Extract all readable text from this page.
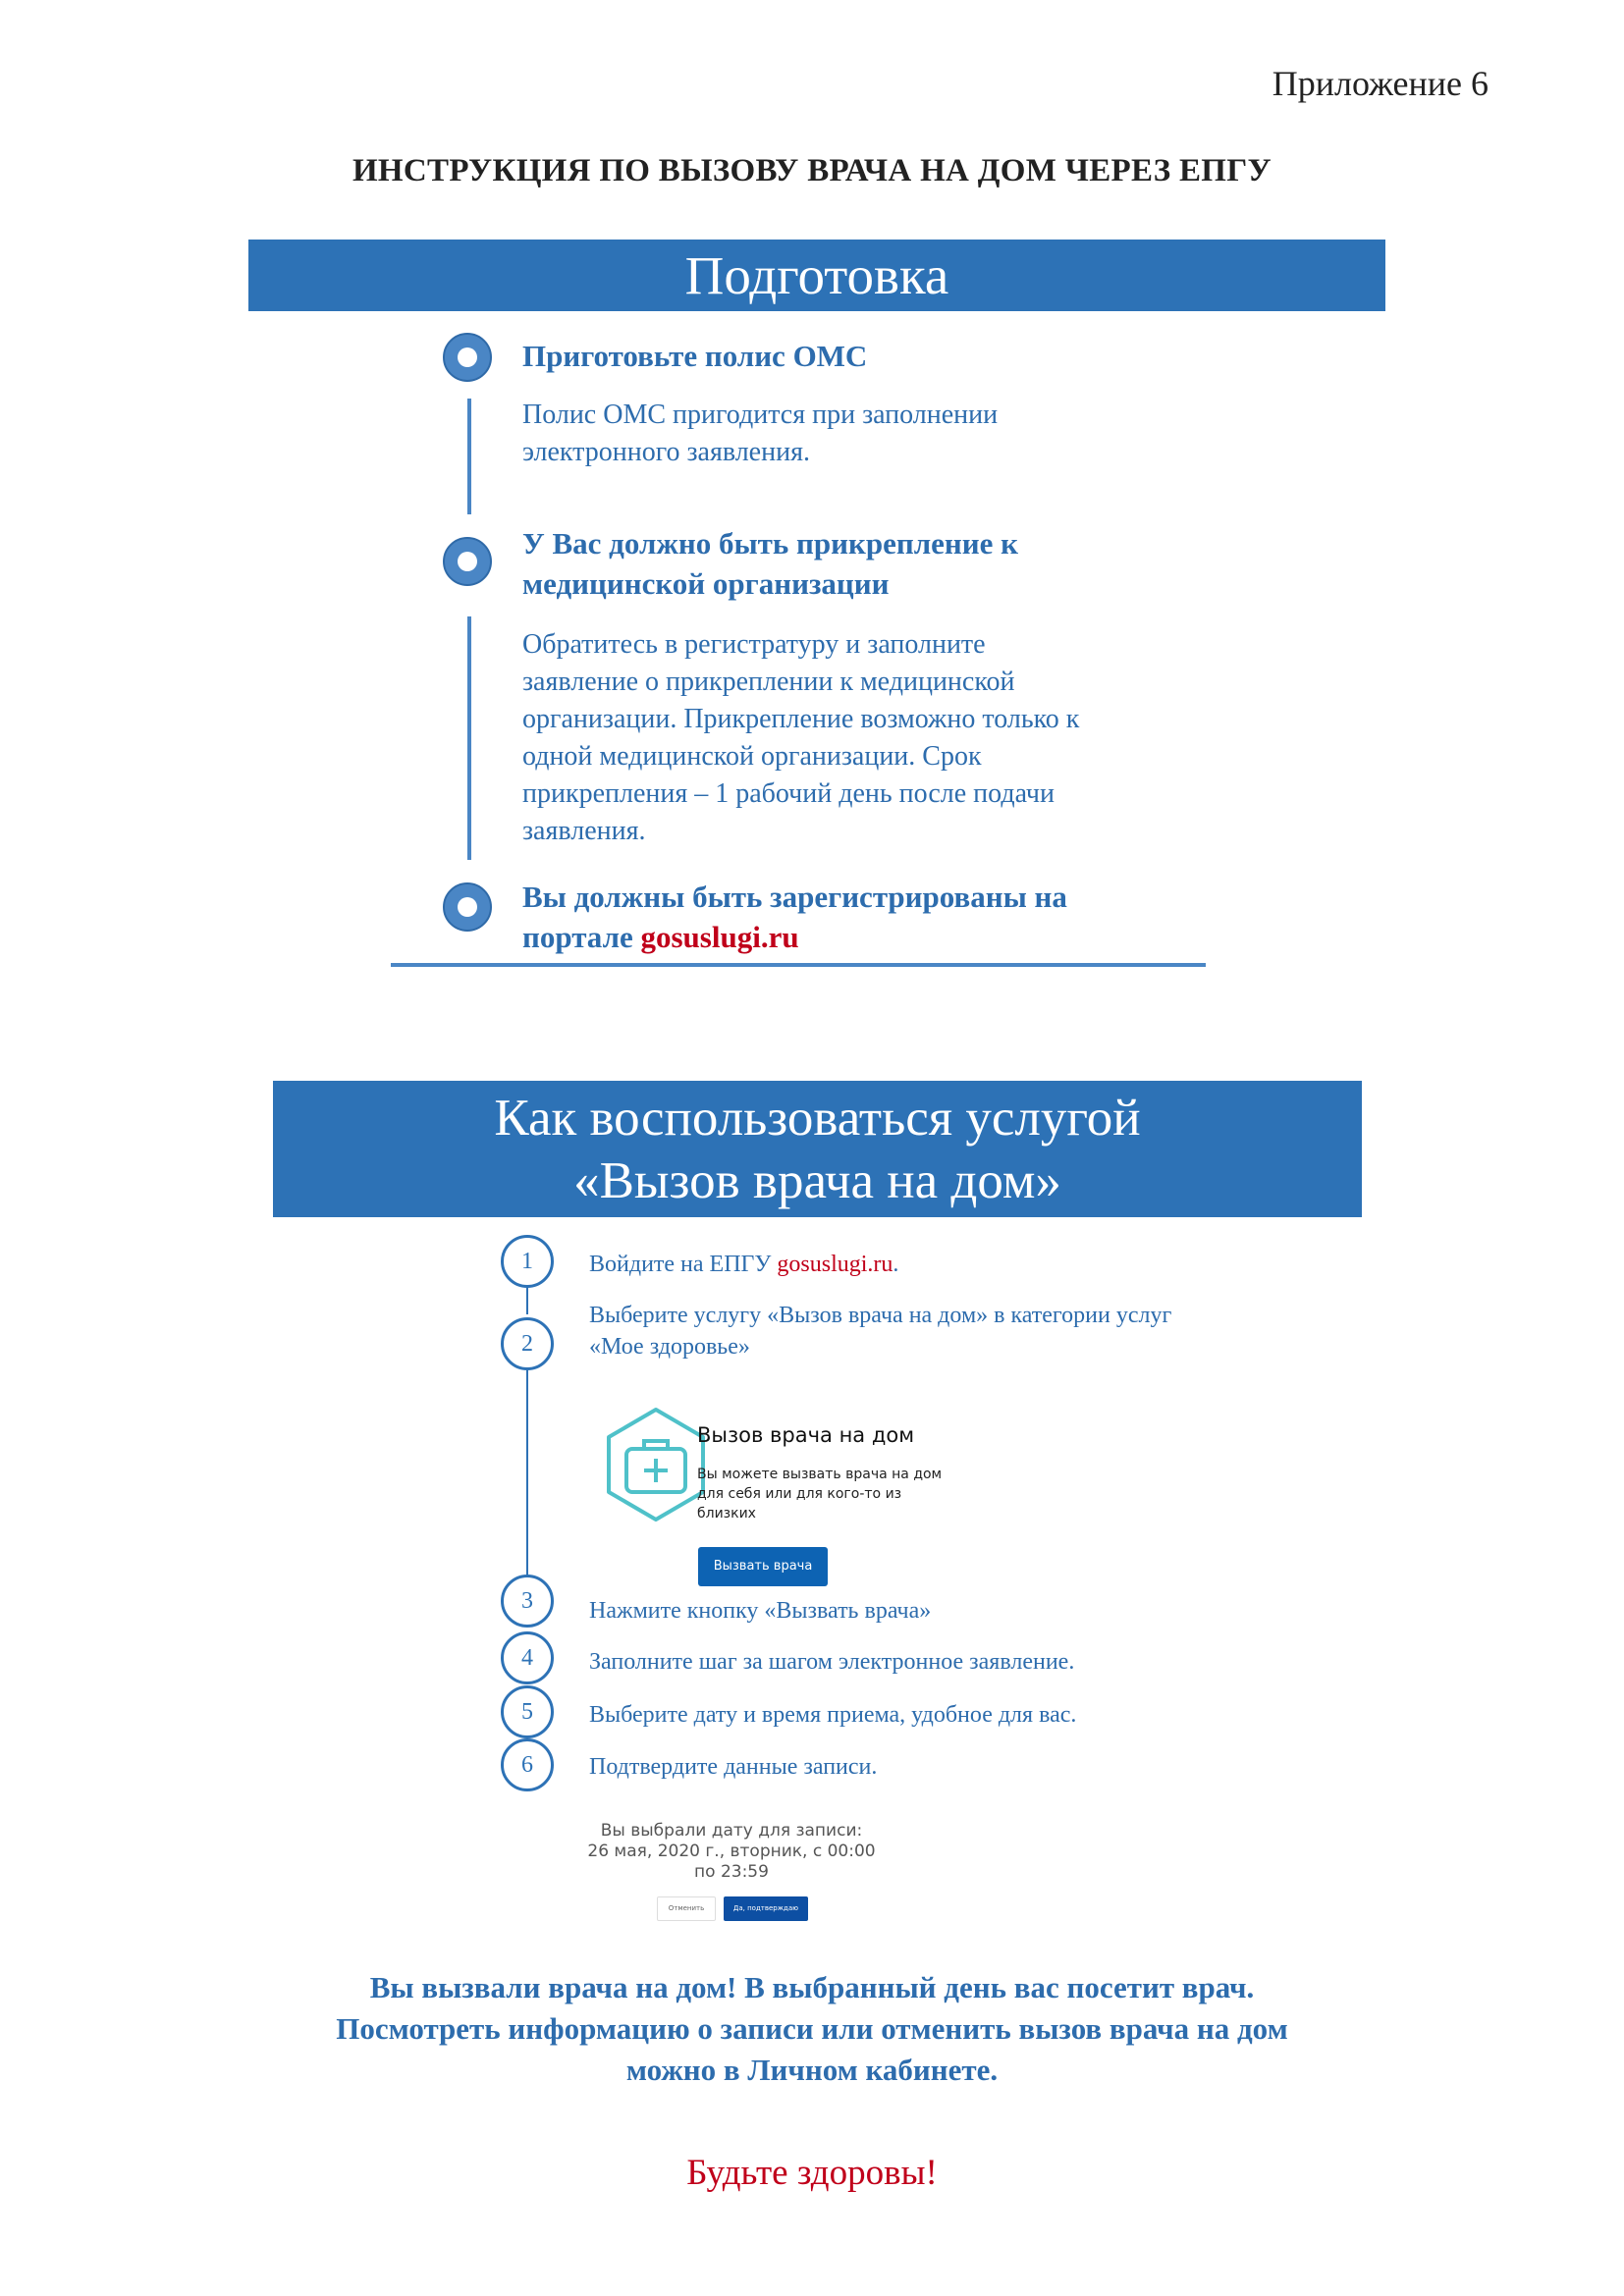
Приложение 6
ИНСТРУКЦИЯ ПО ВЫЗОВУ ВРАЧА НА ДОМ ЧЕРЕЗ ЕПГУ
Подготовка
Приготовьте полис ОМС
Полис ОМС пригодится при заполнении
электронного заявления.
У Вас должно быть прикрепление к
медицинской организации
Обратитесь в регистратуру и заполните
заявление о прикреплении к медицинской
организации. Прикрепление возможно только к
одной медицинской организации. Срок
прикрепления – 1 рабочий день после подачи
заявления.
Вы должны быть зарегистрированы на
портале gosuslugi.ru
Как воспользоваться услугой
«Вызов врача на дом»
1	Войдите на ЕПГУ gosuslugi.ru.
2
Выберите услугу «Вызов врача на дом» в категории услуг
«Мое здоровье»
Вызов врача на дом
Вы можете вызвать врача на дом
для себя или для кого-то из
близких
Вызвать врача
3	Нажмите кнопку «Вызвать врача»
4	Заполните шаг за шагом электронное заявление.
5	Выберите дату и время приема, удобное для вас.
6	Подтвердите данные записи.
Вы выбрали дату для записи:
26 мая, 2020 г., вторник, с 00:00
по 23:59
Отменить	Да, подтверждаю

Вы вызвали врача на дом! В выбранный день вас посетит врач.

Посмотреть информацию о записи или отменить вызов врача на дом

можно в Личном кабинете.

Будьте здоровы!
